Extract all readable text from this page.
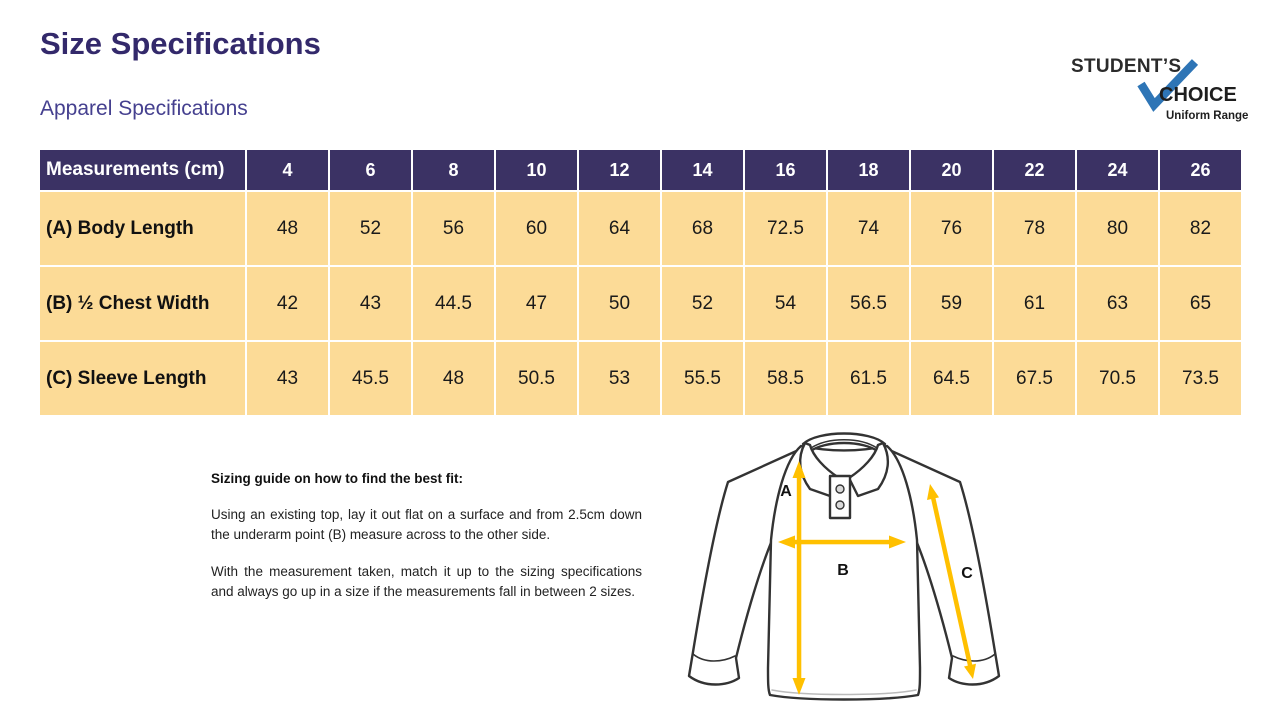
Size Specifications
Apparel Specifications
STUDENT’S
CHOICE
Uniform Range
Measurements (cm)	4	6	8	10	12	14	16	18	20	22	24	26
(A) Body Length	48	52	56	60	64	68	72.5	74	76	78	80	82
(B) ½ Chest Width	42	43	44.5	47	50	52	54	56.5	59	61	63	65
(C) Sleeve Length	43	45.5	48	50.5	53	55.5	58.5	61.5	64.5	67.5	70.5	73.5
Sizing guide on how to find the best fit:

Using an existing top, lay it out flat on a surface and from 2.5cm down the underarm point (B) measure across to the other side.

With the measurement taken, match it up to the sizing specifications and always go up in a size if the measurements fall in between 2 sizes.

A
B	C
